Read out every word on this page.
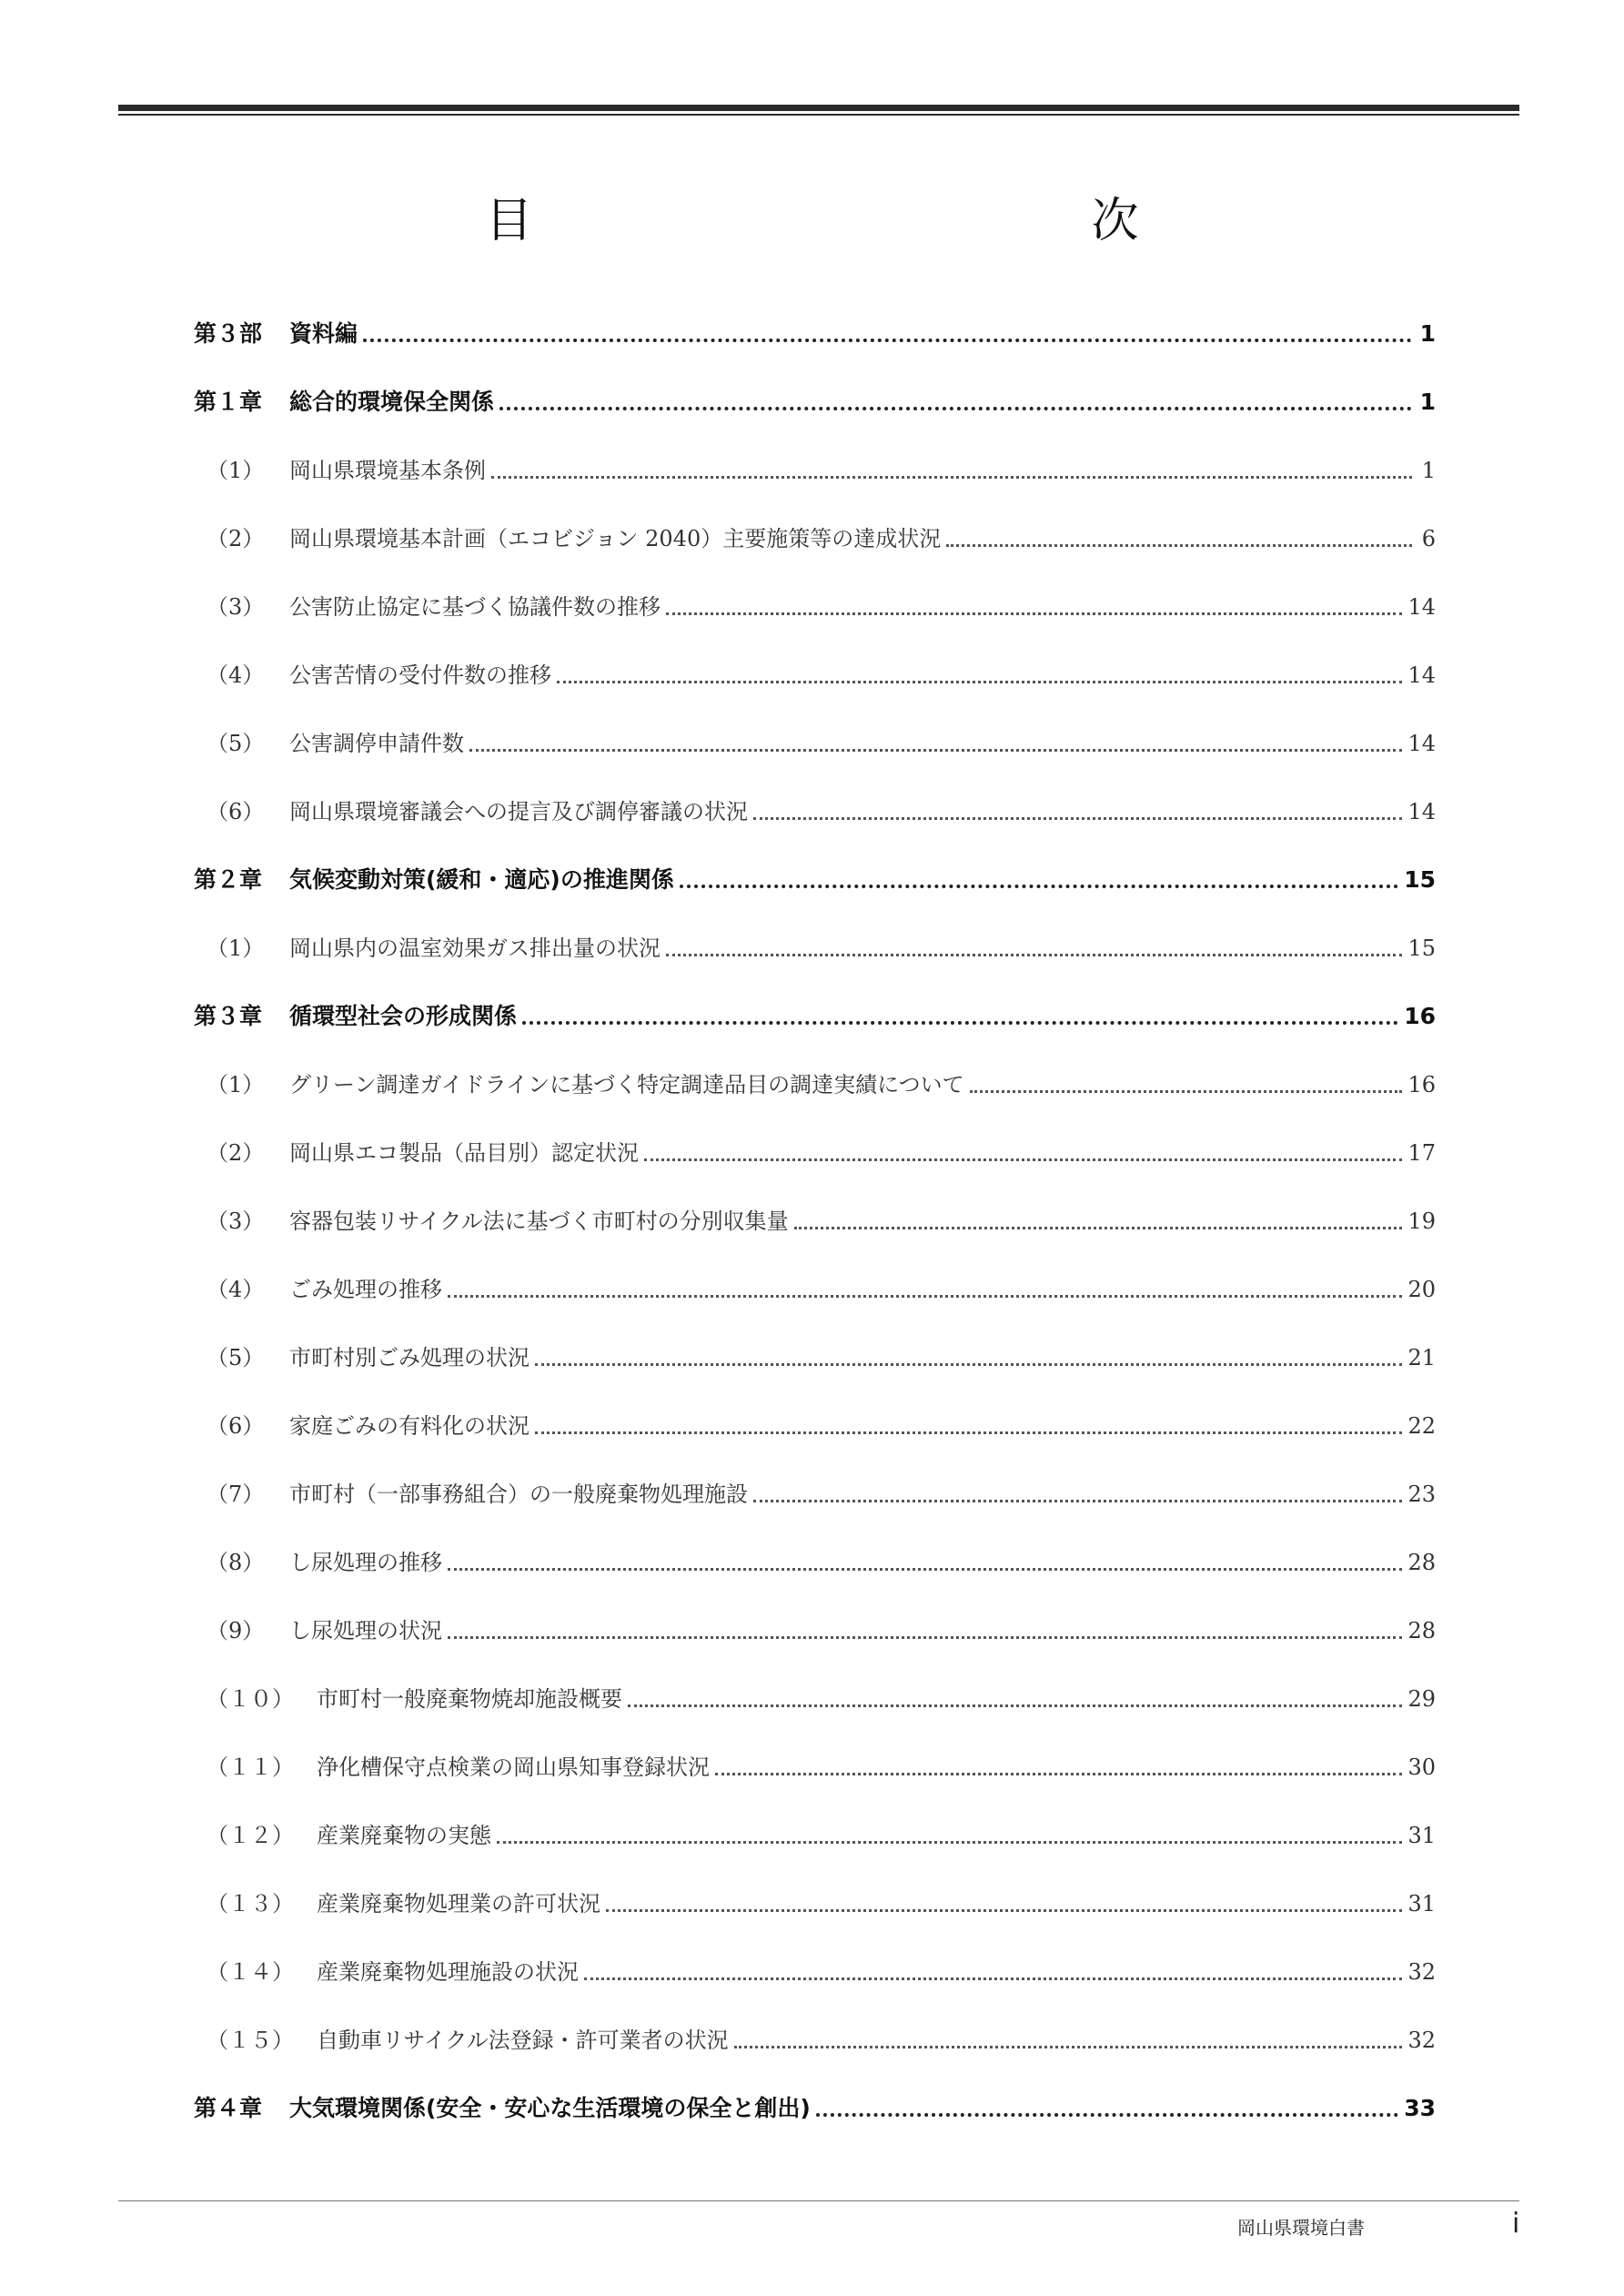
目　　次
第３部	資料編	1
第１章	総合的環境保全関係	1
（1）	岡山県環境基本条例	1
（2）	岡山県環境基本計画（エコビジョン 2040）主要施策等の達成状況	6
（3）	公害防止協定に基づく協議件数の推移	14
（4）	公害苦情の受付件数の推移	14
（5）	公害調停申請件数	14
（6）	岡山県環境審議会への提言及び調停審議の状況	14
第２章	気候変動対策(緩和・適応)の推進関係	15
（1）	岡山県内の温室効果ガス排出量の状況	15
第３章	循環型社会の形成関係	16
（1）	グリーン調達ガイドラインに基づく特定調達品目の調達実績について	16
（2）	岡山県エコ製品（品目別）認定状況	17
（3）	容器包装リサイクル法に基づく市町村の分別収集量	19
（4）	ごみ処理の推移	20
（5）	市町村別ごみ処理の状況	21
（6）	家庭ごみの有料化の状況	22
（7）	市町村（一部事務組合）の一般廃棄物処理施設	23
（8）	し尿処理の推移	28
（9）	し尿処理の状況	28
（１０）	市町村一般廃棄物焼却施設概要	29
（１１）	浄化槽保守点検業の岡山県知事登録状況	30
（１２）	産業廃棄物の実態	31
（１３）	産業廃棄物処理業の許可状況	31
（１４）	産業廃棄物処理施設の状況	32
（１５）	自動車リサイクル法登録・許可業者の状況	32
第４章	大気環境関係(安全・安心な生活環境の保全と創出)	33
岡山県環境白書	i
